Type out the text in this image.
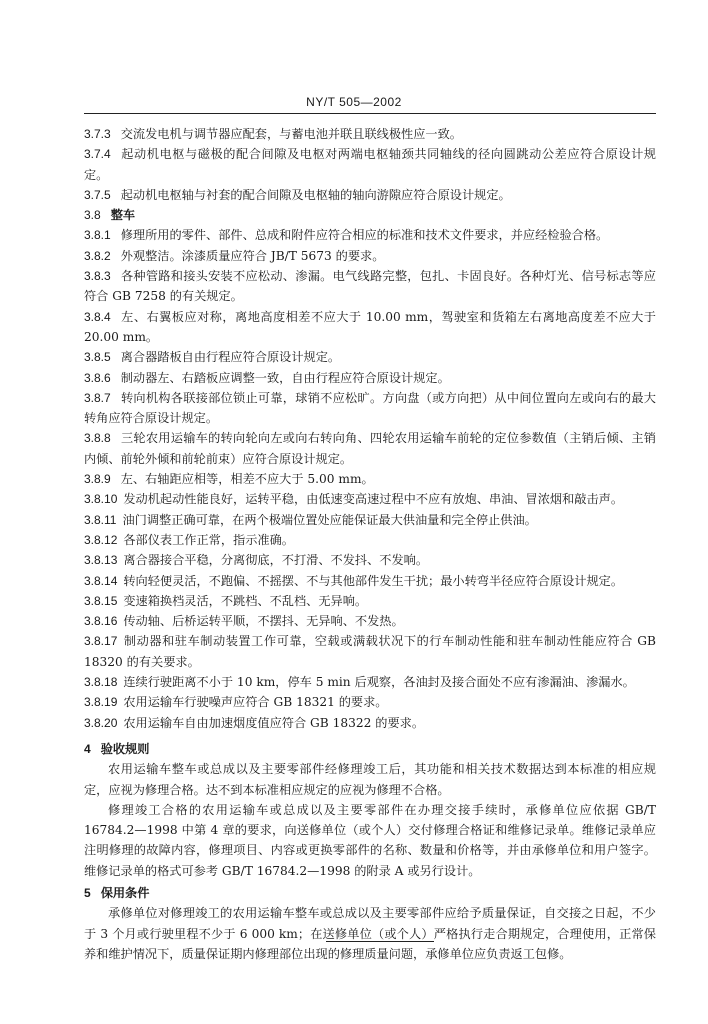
NY/T 505—2002

3.7.3 交流发电机与调节器应配套，与蓄电池并联且联线极性应一致。

3.7.4 起动机电枢与磁极的配合间隙及电枢对两端电枢轴颈共同轴线的径向圆跳动公差应符合原设计规定。

3.7.5 起动机电枢轴与衬套的配合间隙及电枢轴的轴向游隙应符合原设计规定。

3.8 整车

3.8.1 修理所用的零件、部件、总成和附件应符合相应的标准和技术文件要求，并应经检验合格。

3.8.2 外观整洁。涂漆质量应符合 JB/T 5673 的要求。

3.8.3 各种管路和接头安装不应松动、渗漏。电气线路完整，包扎、卡固良好。各种灯光、信号标志等应符合 GB 7258 的有关规定。

3.8.4 左、右翼板应对称，离地高度相差不应大于 10.00 mm，驾驶室和货箱左右离地高度差不应大于 20.00 mm。

3.8.5 离合器踏板自由行程应符合原设计规定。

3.8.6 制动器左、右踏板应调整一致，自由行程应符合原设计规定。

3.8.7 转向机构各联接部位锁止可靠，球销不应松旷。方向盘（或方向把）从中间位置向左或向右的最大转角应符合原设计规定。

3.8.8 三轮农用运输车的转向轮向左或向右转向角、四轮农用运输车前轮的定位参数值（主销后倾、主销内倾、前轮外倾和前轮前束）应符合原设计规定。

3.8.9 左、右轴距应相等，相差不应大于 5.00 mm。

3.8.10 发动机起动性能良好，运转平稳，由低速变高速过程中不应有放炮、串油、冒浓烟和敲击声。

3.8.11 油门调整正确可靠，在两个极端位置处应能保证最大供油量和完全停止供油。

3.8.12 各部仪表工作正常，指示准确。

3.8.13 离合器接合平稳，分离彻底，不打滑、不发抖、不发响。

3.8.14 转向轻便灵活，不跑偏、不摇摆、不与其他部件发生干扰；最小转弯半径应符合原设计规定。

3.8.15 变速箱换档灵活，不跳档、不乱档、无异响。

3.8.16 传动轴、后桥运转平顺，不摆抖、无异响、不发热。

3.8.17 制动器和驻车制动装置工作可靠，空载或满载状况下的行车制动性能和驻车制动性能应符合 GB 18320 的有关要求。

3.8.18 连续行驶距离不小于 10 km，停车 5 min 后观察，各油封及接合面处不应有渗漏油、渗漏水。

3.8.19 农用运输车行驶噪声应符合 GB 18321 的要求。

3.8.20 农用运输车自由加速烟度值应符合 GB 18322 的要求。

4 验收规则

农用运输车整车或总成以及主要零部件经修理竣工后，其功能和相关技术数据达到本标准的相应规定，应视为修理合格。达不到本标准相应规定的应视为修理不合格。

修理竣工合格的农用运输车或总成以及主要零部件在办理交接手续时，承修单位应依据 GB/T 16784.2—1998 中第 4 章的要求，向送修单位（或个人）交付修理合格证和维修记录单。维修记录单应注明修理的故障内容，修理项目、内容或更换零部件的名称、数量和价格等，并由承修单位和用户签字。维修记录单的格式可参考 GB/T 16784.2—1998 的附录 A 或另行设计。

5 保用条件

承修单位对修理竣工的农用运输车整车或总成以及主要零部件应给予质量保证，自交接之日起，不少于 3 个月或行驶里程不少于 6 000 km；在送修单位（或个人）严格执行走合期规定，合理使用，正常保养和维护情况下，质量保证期内修理部位出现的修理质量问题，承修单位应负责返工包修。
